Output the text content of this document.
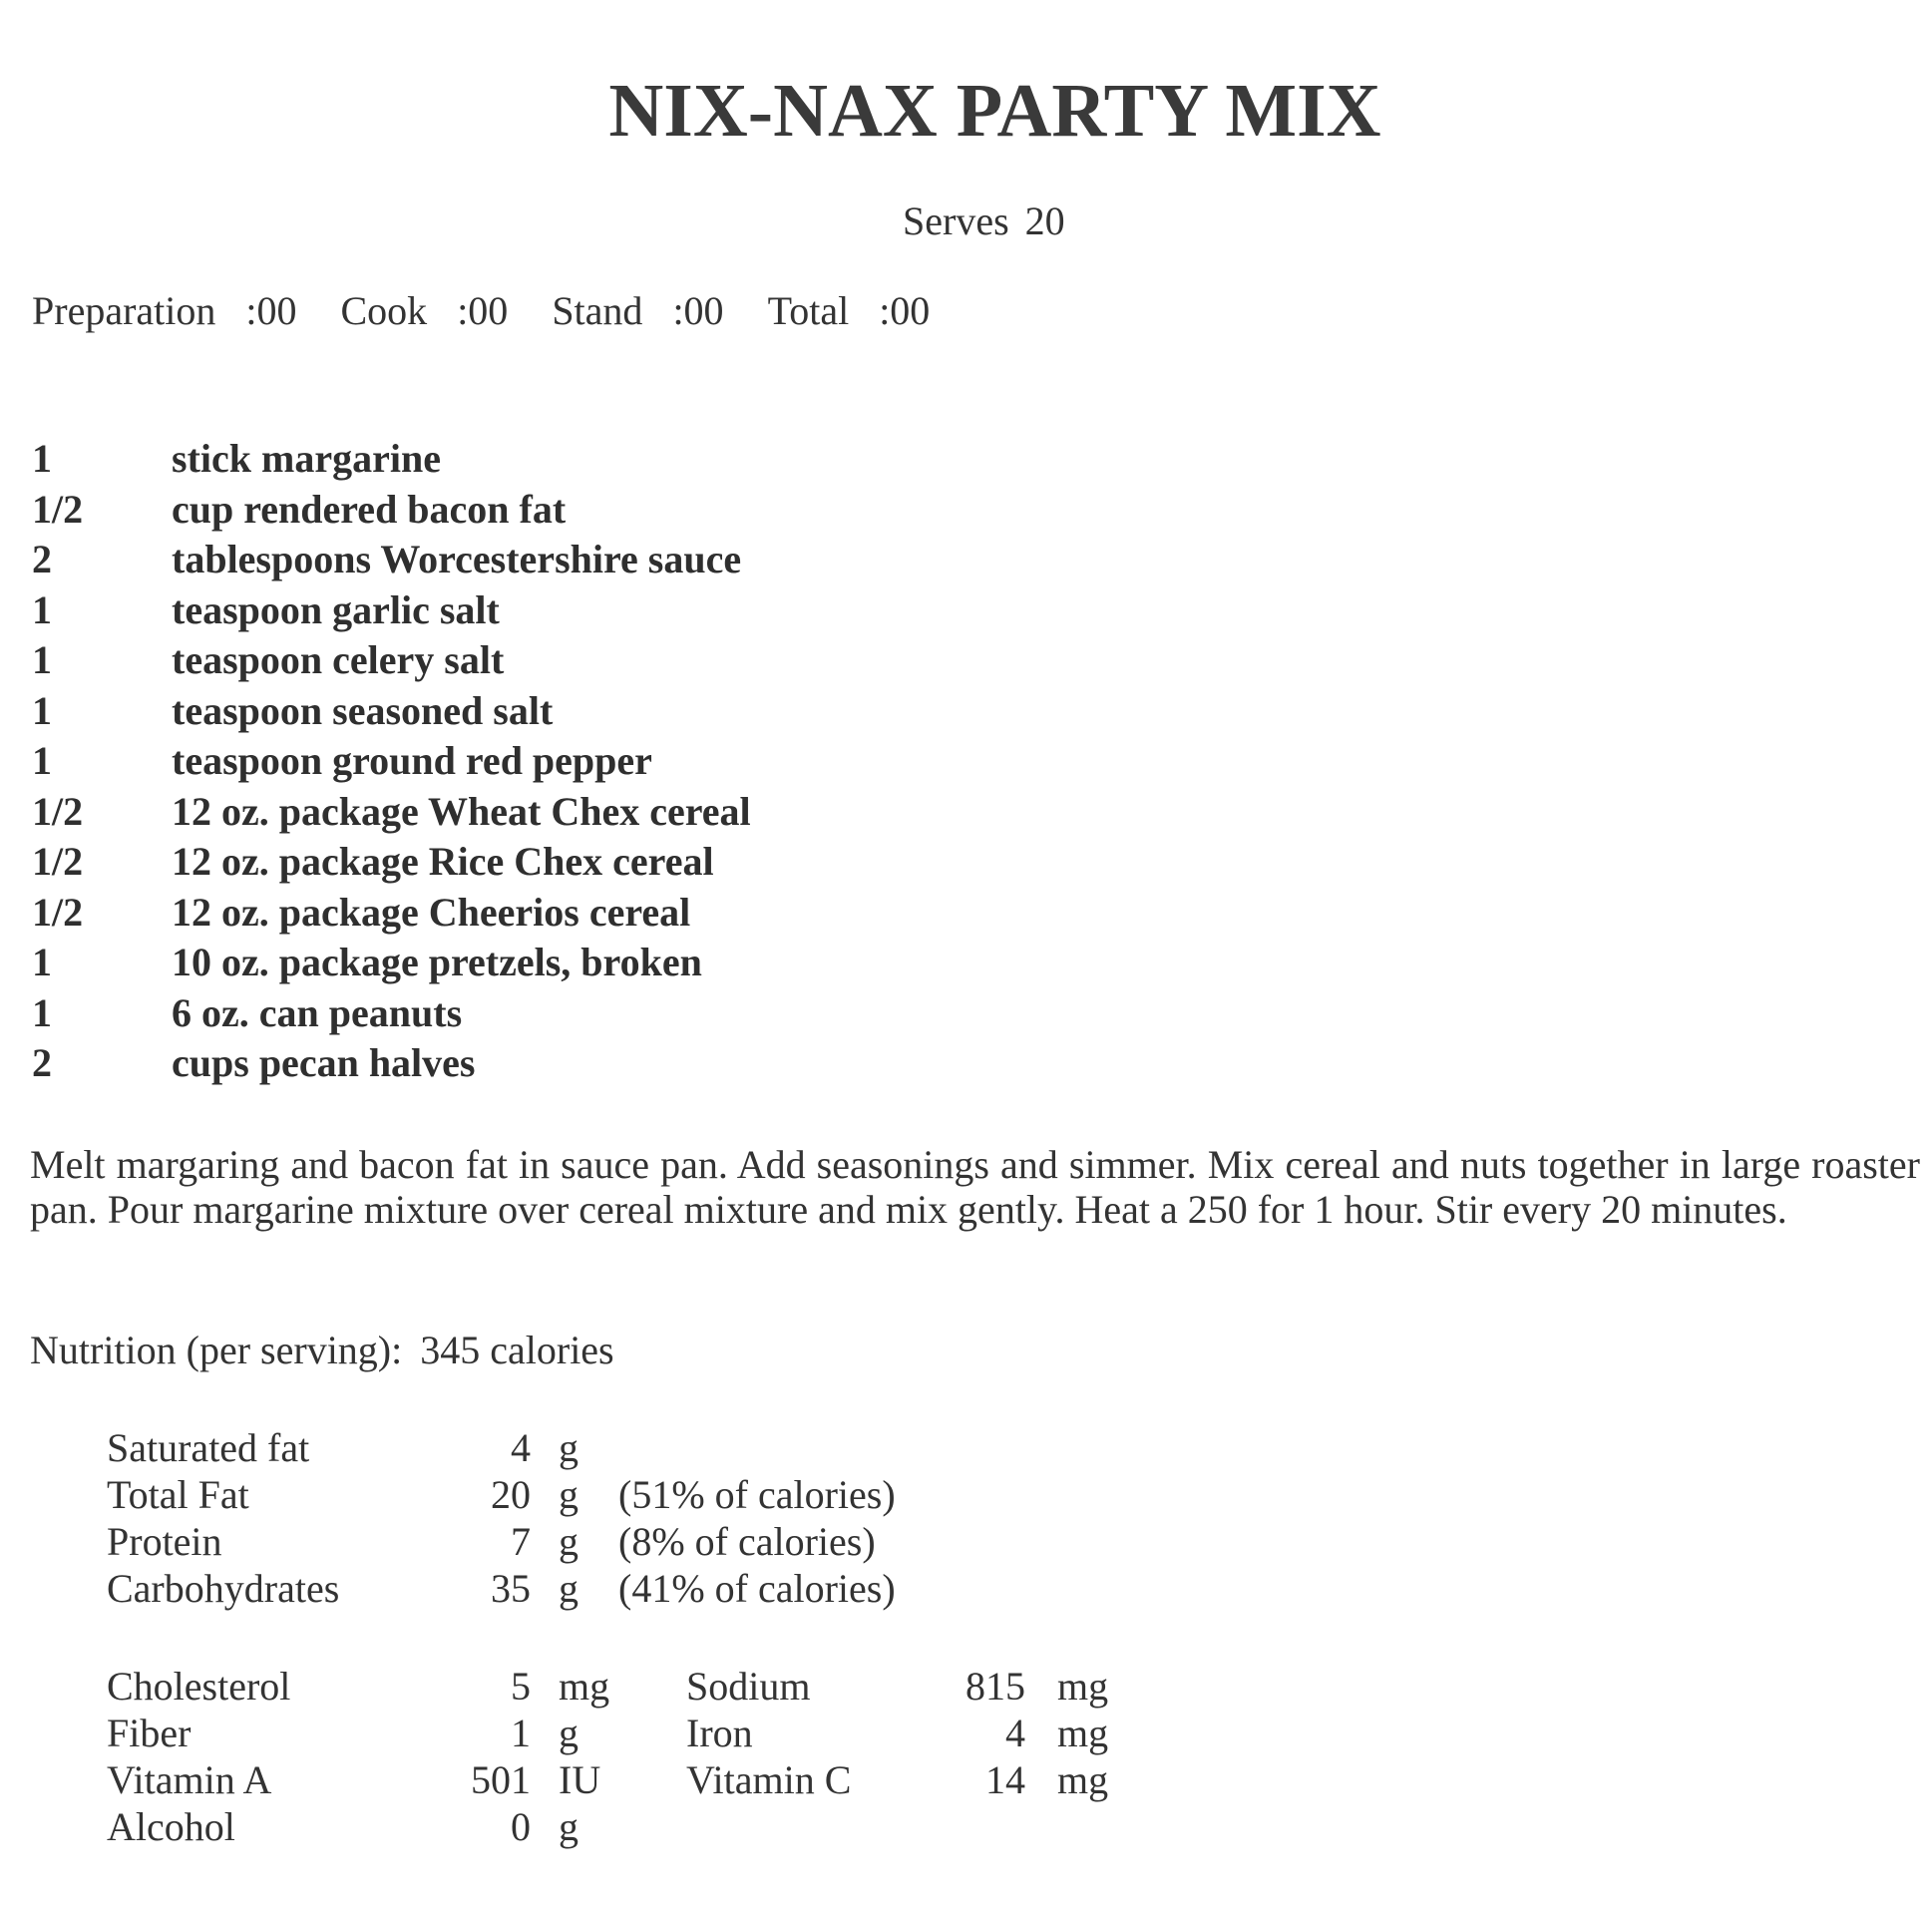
NIX-NAX PARTY MIX
Serves 20
Preparation :00 Cook :00 Stand :00 Total :00
1	stick margarine
1/2 cup rendered bacon fat
2	tablespoons Worcestershire sauce
1	teaspoon garlic salt
1	teaspoon celery salt
1	teaspoon seasoned salt
1	teaspoon ground red pepper
1/2 12 oz. package Wheat Chex cereal
1/2 12 oz. package Rice Chex cereal
1/2 12 oz. package Cheerios cereal
1	10 oz. package pretzels, broken
1	6 oz. can peanuts
2	cups pecan halves
Melt margaring and bacon fat in sauce pan. Add seasonings and simmer. Mix cereal and nuts together in large roaster pan. Pour margarine mixture over cereal mixture and mix gently. Heat a 250 for 1 hour. Stir every 20 minutes.
Nutrition (per serving): 345 calories
Saturated fat	4 g
Total Fat	20 g (51% of calories)
Protein	7 g (8% of calories)
Carbohydrates	35 g (41% of calories)
Cholesterol	5 mg Sodium	815 mg
Fiber	1 g	Iron	4 mg
Vitamin A	501 IU Vitamin C	14 mg
Alcohol	0 g
